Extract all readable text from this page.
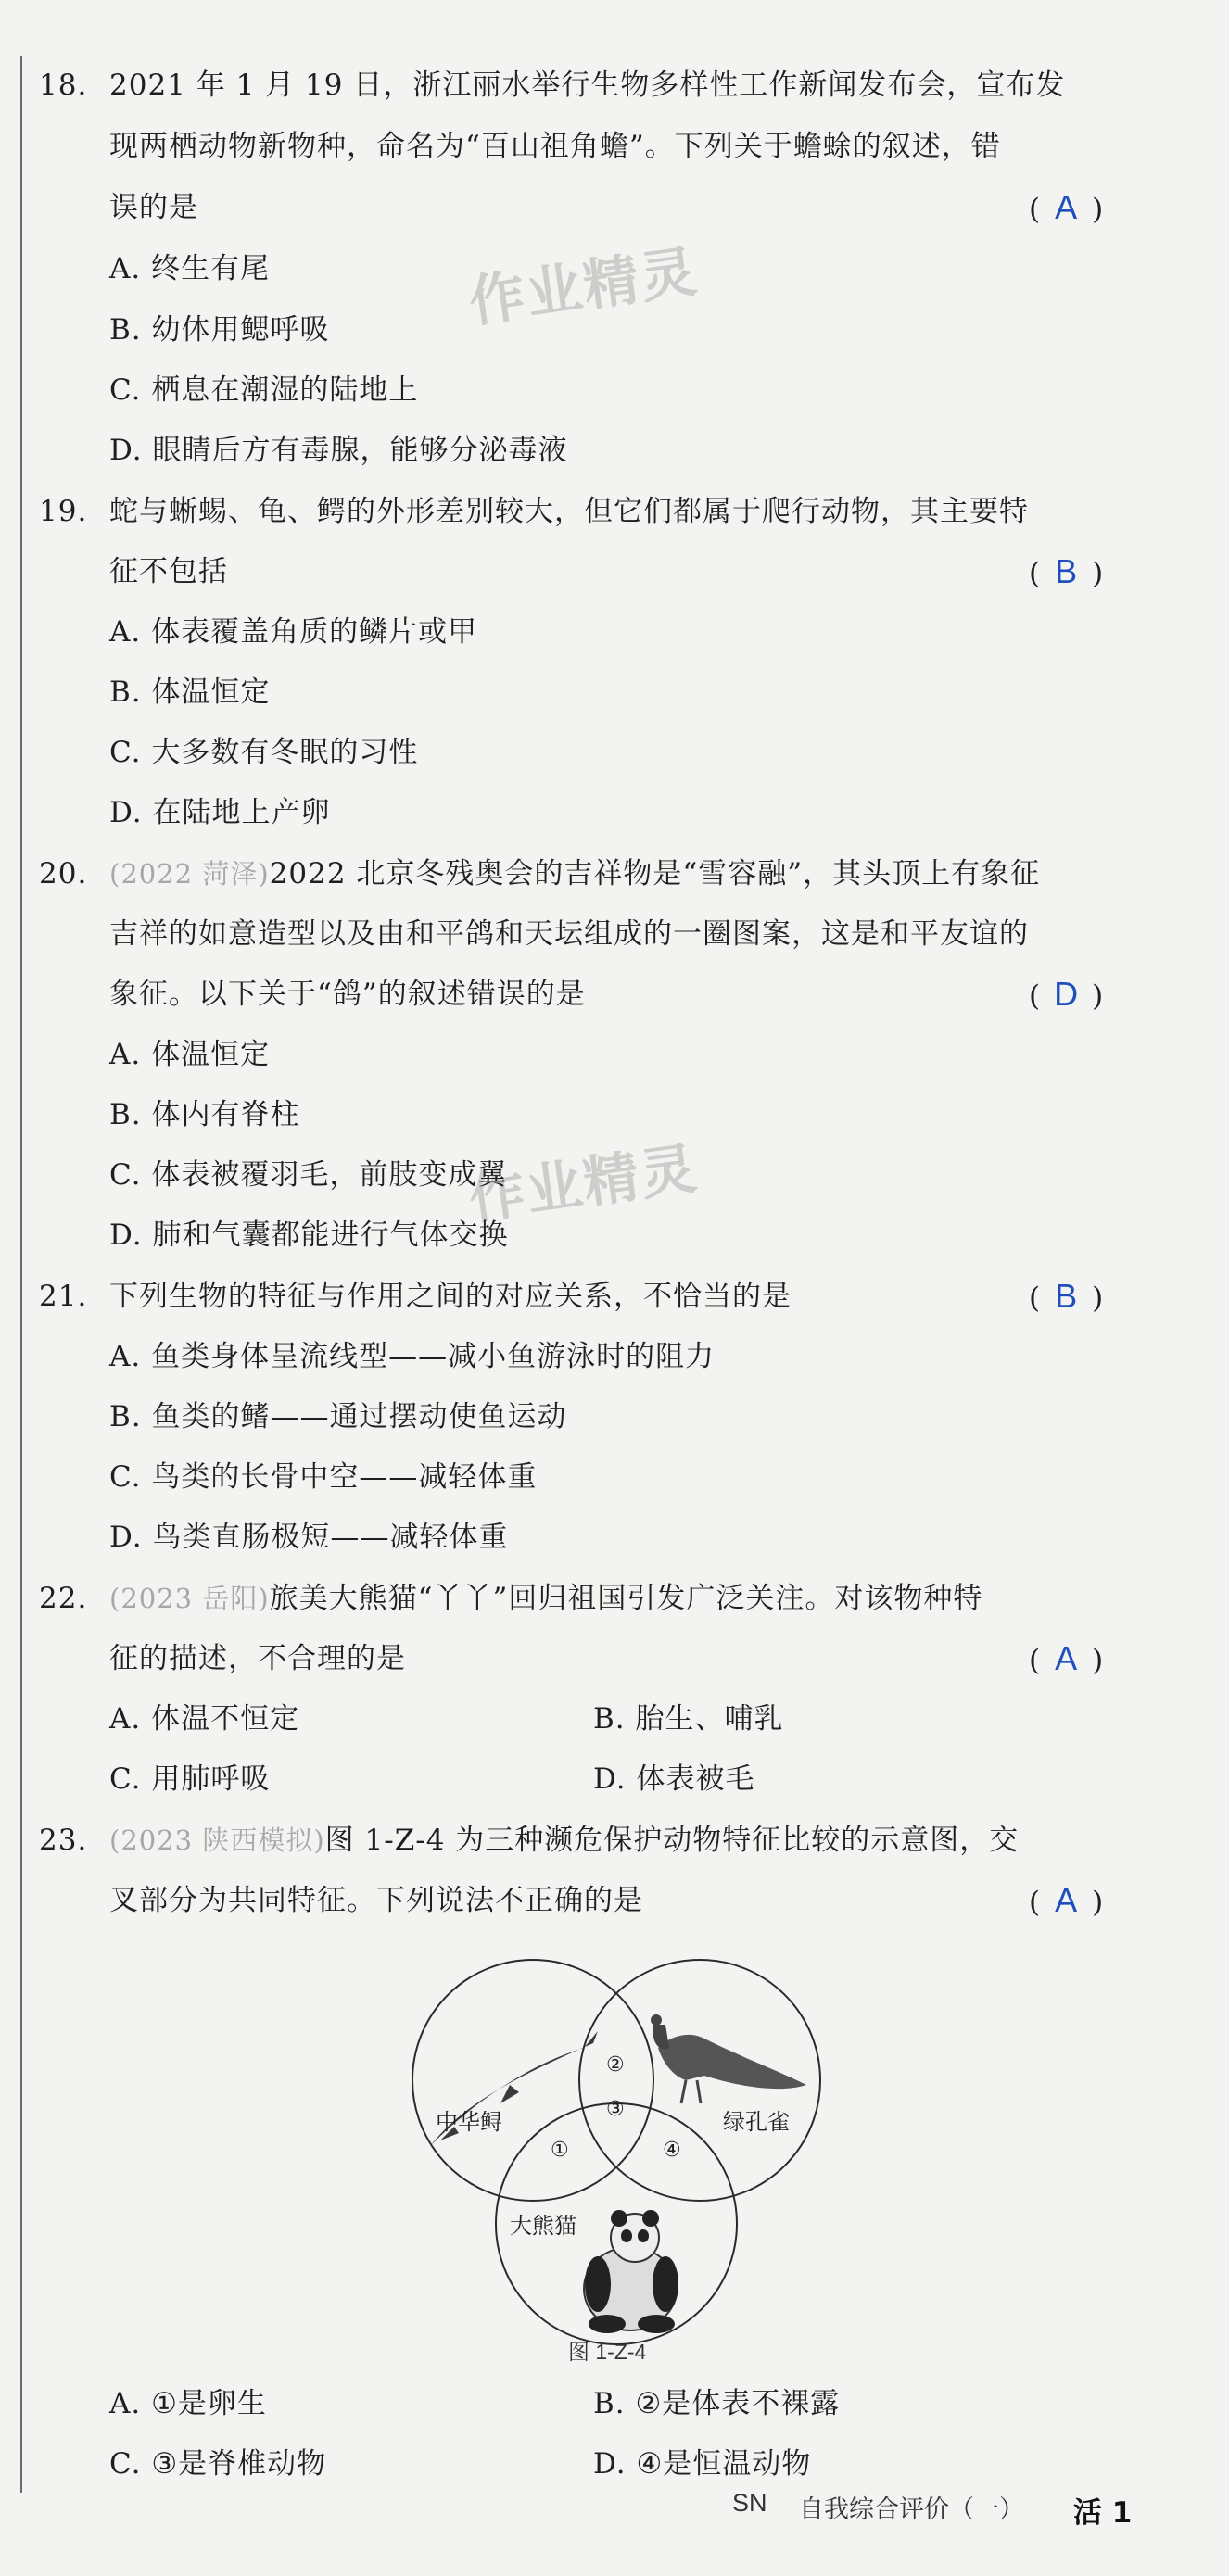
作业精灵
作业精灵
18. 2021 年 1 月 19 日，浙江丽水举行生物多样性工作新闻发布会，宣布发
现两栖动物新物种，命名为“百山祖角蟾”。下列关于蟾蜍的叙述，错
误的是	( A )
A. 终生有尾
B. 幼体用鳃呼吸
C. 栖息在潮湿的陆地上
D. 眼睛后方有毒腺，能够分泌毒液
19. 蛇与蜥蜴、龟、鳄的外形差别较大，但它们都属于爬行动物，其主要特
征不包括	( B )
A. 体表覆盖角质的鳞片或甲
B. 体温恒定
C. 大多数有冬眠的习性
D. 在陆地上产卵
20. (2022 菏泽)2022 北京冬残奥会的吉祥物是“雪容融”，其头顶上有象征
吉祥的如意造型以及由和平鸽和天坛组成的一圈图案，这是和平友谊的
象征。以下关于“鸽”的叙述错误的是	( D )
A. 体温恒定
B. 体内有脊柱
C. 体表被覆羽毛，前肢变成翼
D. 肺和气囊都能进行气体交换
21. 下列生物的特征与作用之间的对应关系，不恰当的是	( B )
A. 鱼类身体呈流线型——减小鱼游泳时的阻力
B. 鱼类的鳍——通过摆动使鱼运动
C. 鸟类的长骨中空——减轻体重
D. 鸟类直肠极短——减轻体重
22. (2023 岳阳)旅美大熊猫“丫丫”回归祖国引发广泛关注。对该物种特
征的描述，不合理的是	( A )
A. 体温不恒定	B. 胎生、哺乳
C. 用肺呼吸	D. 体表被毛
23. (2023 陕西模拟)图 1-Z-4 为三种濒危保护动物特征比较的示意图，交
叉部分为共同特征。下列说法不正确的是	( A )
中华鲟	绿孔雀
大熊猫
①
②
③
④
图 1-Z-4
A. ①是卵生	B. ②是体表不裸露
C. ③是脊椎动物	D. ④是恒温动物
SN 自我综合评价（一） 活 1
